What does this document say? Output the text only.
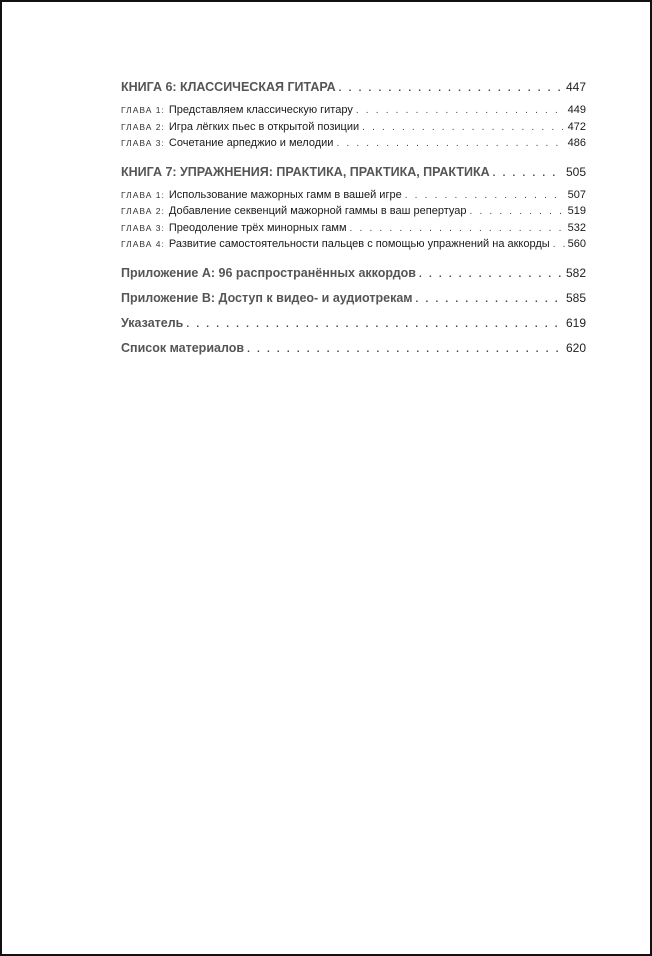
КНИГА 6: КЛАССИЧЕСКАЯ ГИТАРА . . .	447
ГЛАВА 1: Представляем классическую гитару . . .	449
ГЛАВА 2: Игра лёгких пьес в открытой позиции . . .	472
ГЛАВА 3: Сочетание арпеджио и мелодии . . .	486
КНИГА 7: УПРАЖНЕНИЯ: ПРАКТИКА, ПРАКТИКА, ПРАКТИКА . . .	505
ГЛАВА 1: Использование мажорных гамм в вашей игре . . .	507
ГЛАВА 2: Добавление секвенций мажорной гаммы в ваш репертуар . . .	519
ГЛАВА 3: Преодоление трёх минорных гамм . . .	532
ГЛАВА 4: Развитие самостоятельности пальцев с помощью упражнений на аккорды . . . 560
Приложение А: 96 распространённых аккордов . . .	582
Приложение В: Доступ к видео- и аудиотрекам . . .	585
Указатель . . .	619
Список материалов . . .	620
